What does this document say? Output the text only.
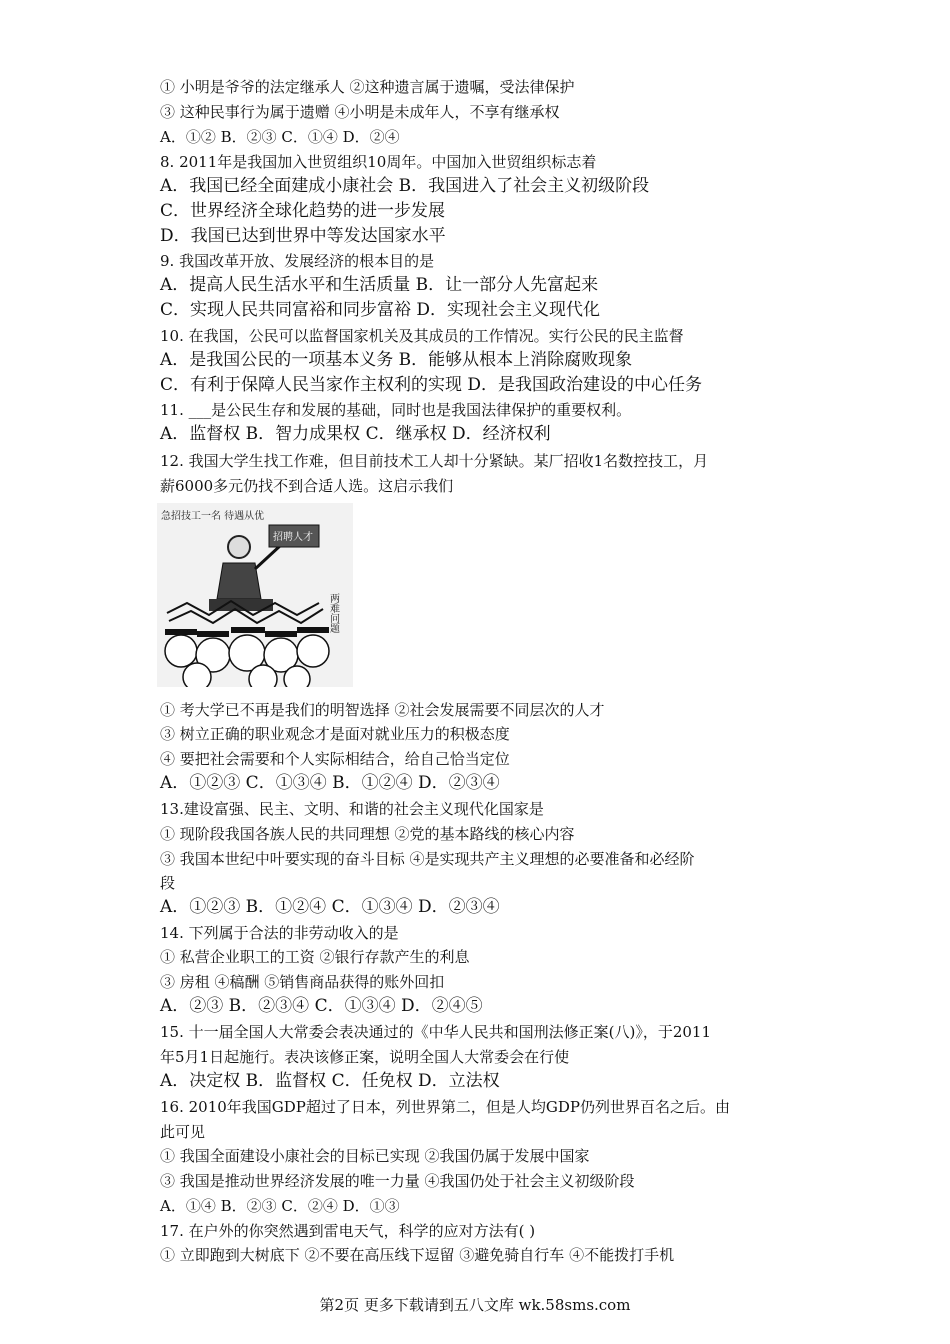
① 小明是爷爷的法定继承人 ②这种遗言属于遗嘱，受法律保护
③ 这种民事行为属于遗赠 ④小明是未成年人，不享有继承权
A．①② B．②③ C．①④ D．②④
8. 2011年是我国加入世贸组织10周年。中国加入世贸组织标志着
A．我国已经全面建成小康社会 B．我国进入了社会主义初级阶段
C．世界经济全球化趋势的进一步发展
D．我国已达到世界中等发达国家水平
9. 我国改革开放、发展经济的根本目的是
A．提高人民生活水平和生活质量 B．让一部分人先富起来
C．实现人民共同富裕和同步富裕 D．实现社会主义现代化
10. 在我国，公民可以监督国家机关及其成员的工作情况。实行公民的民主监督
A．是我国公民的一项基本义务 B．能够从根本上消除腐败现象
C．有利于保障人民当家作主权利的实现 D．是我国政治建设的中心任务
11. ___是公民生存和发展的基础，同时也是我国法律保护的重要权利。
A．监督权 B．智力成果权 C．继承权 D．经济权利
12. 我国大学生找工作难，但目前技术工人却十分紧缺。某厂招收1名数控技工，月
薪6000多元仍找不到合适人选。这启示我们
急招技工一名 待遇从优
招聘人才
两难问题
① 考大学已不再是我们的明智选择 ②社会发展需要不同层次的人才
③ 树立正确的职业观念才是面对就业压力的积极态度
④ 要把社会需要和个人实际相结合，给自己恰当定位
A．①②③ C．①③④ B．①②④ D．②③④
13.建设富强、民主、文明、和谐的社会主义现代化国家是
① 现阶段我国各族人民的共同理想 ②党的基本路线的核心内容
③ 我国本世纪中叶要实现的奋斗目标 ④是实现共产主义理想的必要准备和必经阶
段
A．①②③ B．①②④ C．①③④ D．②③④
14. 下列属于合法的非劳动收入的是
① 私营企业职工的工资 ②银行存款产生的利息
③ 房租 ④稿酬 ⑤销售商品获得的账外回扣
A．②③ B．②③④ C．①③④ D．②④⑤
15. 十一届全国人大常委会表决通过的《中华人民共和国刑法修正案(八)》，于2011
年5月1日起施行。表决该修正案，说明全国人大常委会在行使
A．决定权 B．监督权 C．任免权 D．立法权
16. 2010年我国GDP超过了日本，列世界第二，但是人均GDP仍列世界百名之后。由
此可见
① 我国全面建设小康社会的目标已实现 ②我国仍属于发展中国家
③ 我国是推动世界经济发展的唯一力量 ④我国仍处于社会主义初级阶段
A．①④ B．②③ C．②④ D．①③
17. 在户外的你突然遇到雷电天气，科学的应对方法有( )
① 立即跑到大树底下 ②不要在高压线下逗留 ③避免骑自行车 ④不能拨打手机
第2页 更多下载请到五八文库 wk.58sms.com
